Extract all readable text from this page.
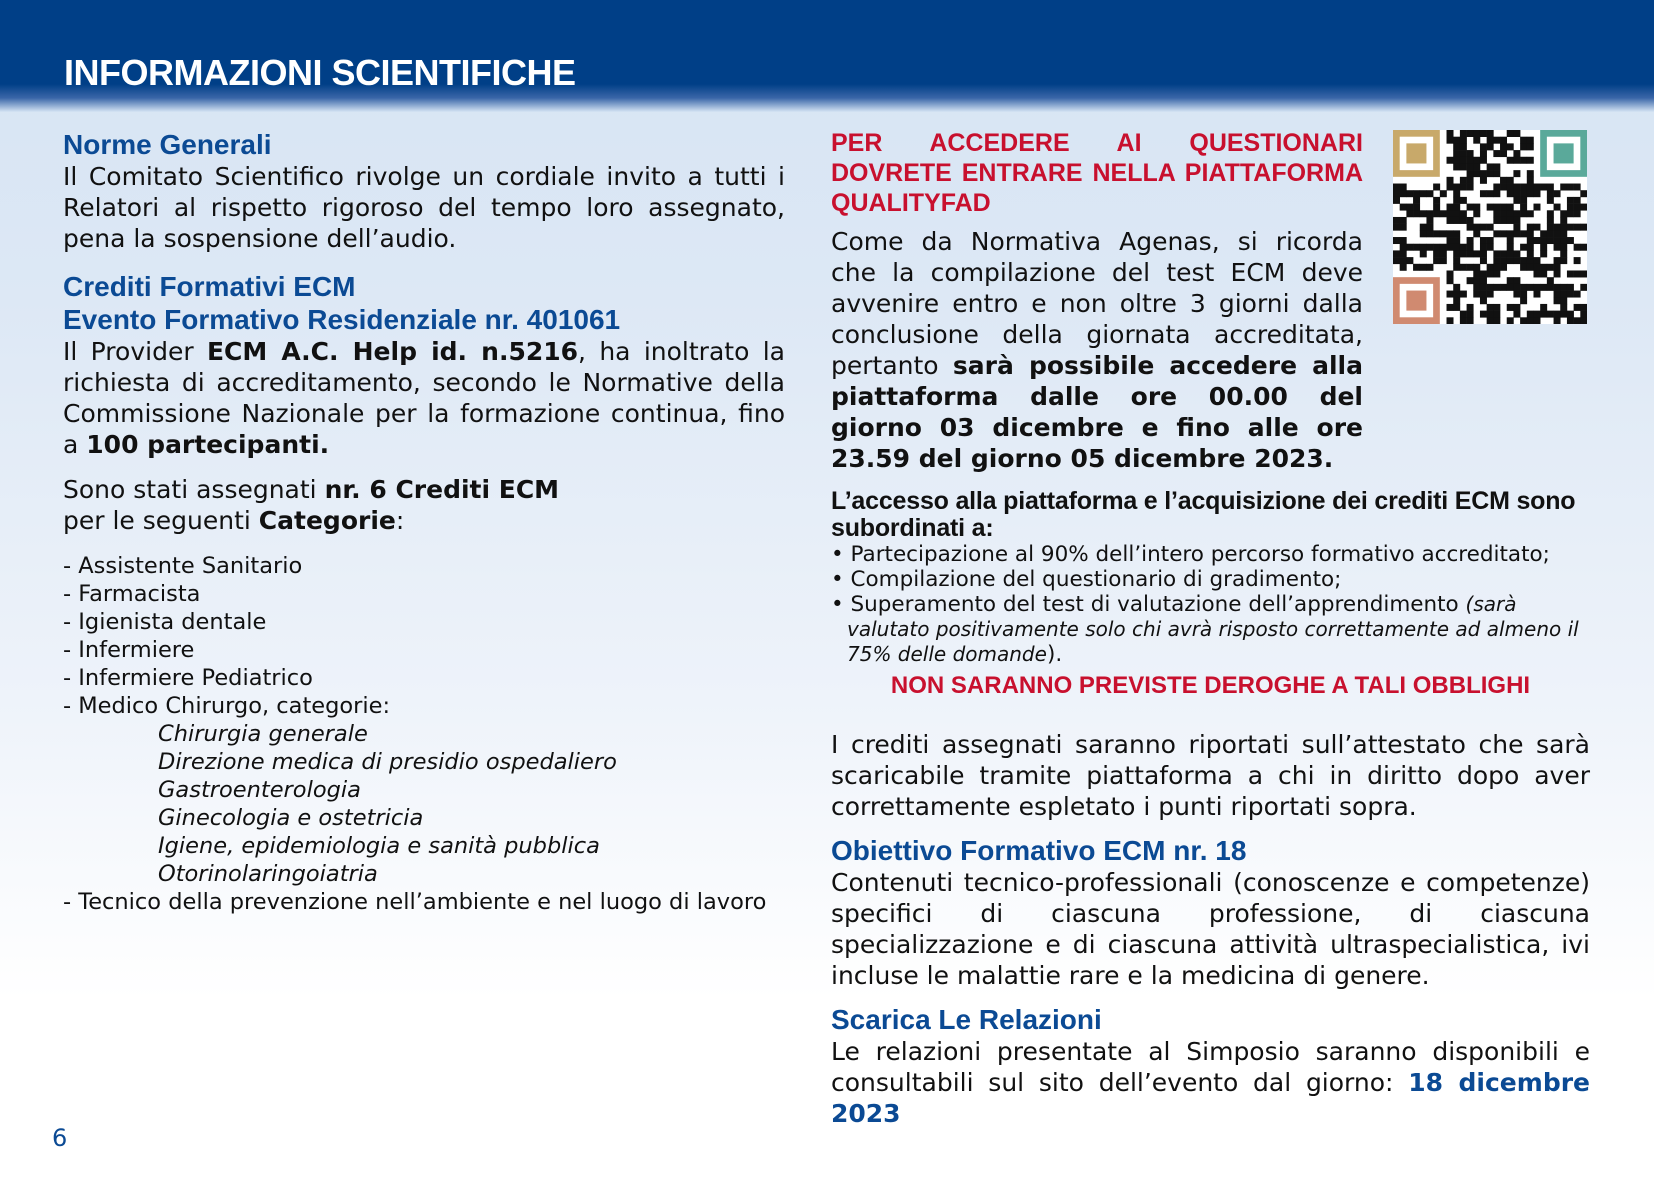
INFORMAZIONI SCIENTIFICHE
Norme Generali

Il Comitato Scientifico rivolge un cordiale invito a tutti i Relatori al rispetto rigoroso del tempo loro assegnato, pena la sospensione dell’audio.

Crediti Formativi ECM
Evento Formativo Residenziale nr. 401061

Il Provider ECM A.C. Help id. n.5216, ha inoltrato la richiesta di accreditamento, secondo le Normative della Commissione Nazionale per la formazione continua, fino a 100 partecipanti.

Sono stati assegnati nr. 6 Crediti ECM
per le seguenti Categorie:

- Assistente Sanitario
- Farmacista
- Igienista dentale
- Infermiere
- Infermiere Pediatrico
- Medico Chirurgo, categorie:
Chirurgia generale
Direzione medica di presidio ospedaliero
Gastroenterologia
Ginecologia e ostetricia
Igiene, epidemiologia e sanità pubblica
Otorinolaringoiatria
- Tecnico della prevenzione nell’ambiente e nel luogo di lavoro

PER ACCEDERE AI QUESTIONARI DOVRETE ENTRARE NELLA PIATTAFORMA QUALITYFAD

Come da Normativa Agenas, si ricorda che la compilazione del test ECM deve avvenire entro e non oltre 3 giorni dalla conclusione della giornata accreditata, pertanto sarà possibile accedere alla piattaforma dalle ore 00.00 del giorno 03 dicembre e fino alle ore 23.59 del giorno 05 dicembre 2023.

L’accesso alla piattaforma e l’acquisizione dei crediti ECM sono subordinati a:

• Partecipazione al 90% dell’intero percorso formativo accreditato;
• Compilazione del questionario di gradimento;
• Superamento del test di valutazione dell’apprendimento (sarà valutato positivamente solo chi avrà risposto correttamente ad almeno il 75% delle domande).

NON SARANNO PREVISTE DEROGHE A TALI OBBLIGHI

I crediti assegnati saranno riportati sull’attestato che sarà scaricabile tramite piattaforma a chi in diritto dopo aver correttamente espletato i punti riportati sopra.

Obiettivo Formativo ECM nr. 18

Contenuti tecnico-professionali (conoscenze e competenze) specifici di ciascuna professione, di ciascuna specializzazione e di ciascuna attività ultraspecialistica, ivi incluse le malattie rare e la medicina di genere.

Scarica Le Relazioni

Le relazioni presentate al Simposio saranno disponibili e consultabili sul sito dell’evento dal giorno: 18 dicembre 2023

6
